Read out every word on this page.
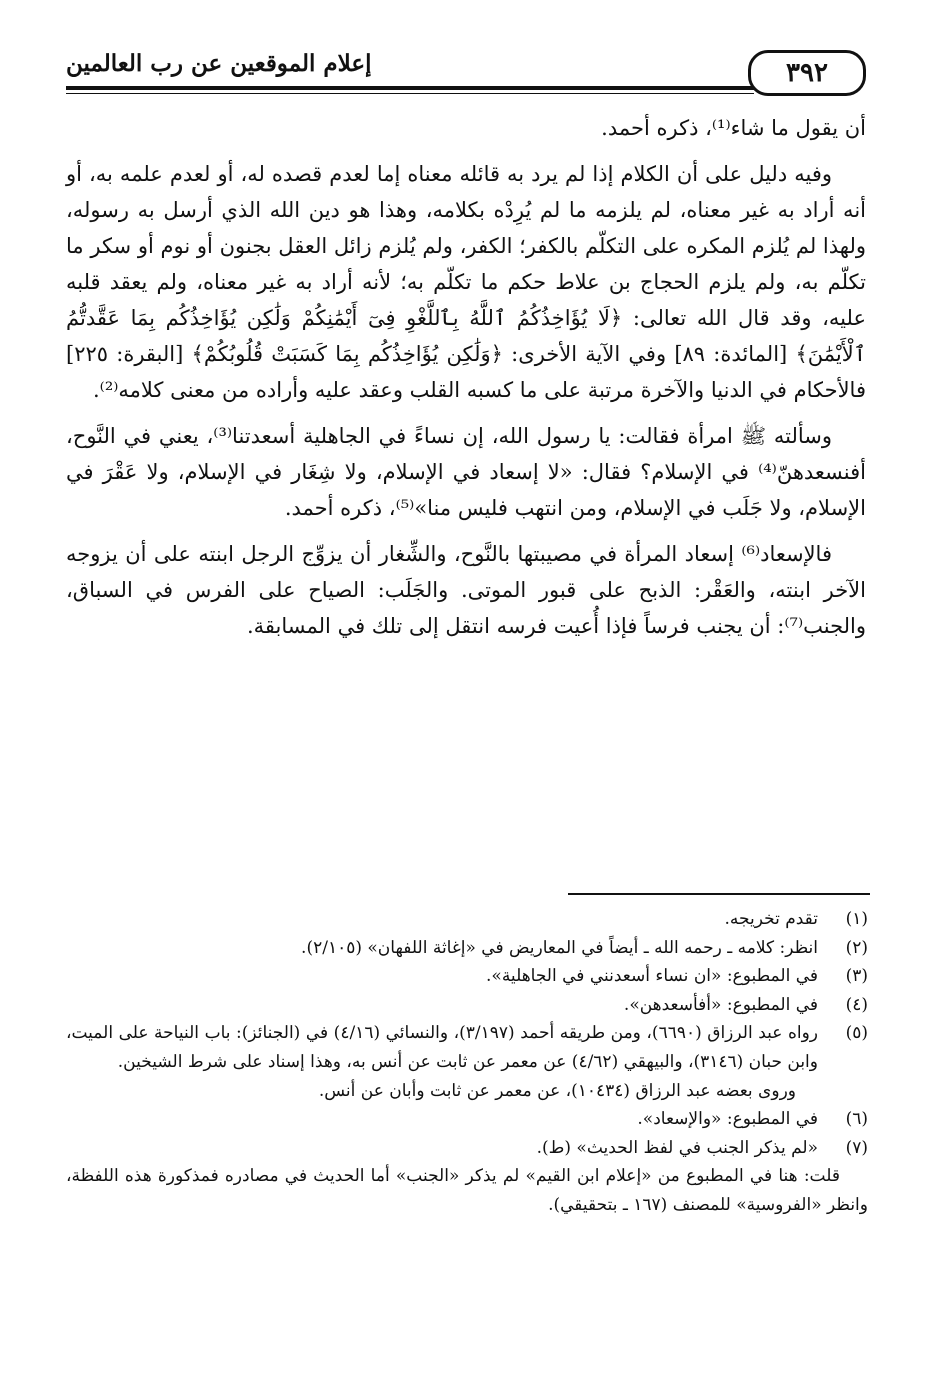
٣٩٢
إعلام الموقعين عن رب العالمين

أن يقول ما شاء⁽¹⁾، ذكره أحمد.

وفيه دليل على أن الكلام إذا لم يرد به قائله معناه إما لعدم قصده له، أو لعدم علمه به، أو أنه أراد به غير معناه، لم يلزمه ما لم يُرِدْه بكلامه، وهذا هو دين الله الذي أرسل به رسوله، ولهذا لم يُلزم المكره على التكلّم بالكفر؛ الكفر، ولم يُلزم زائل العقل بجنون أو نوم أو سكر ما تكلّم به، ولم يلزم الحجاج بن علاط حكم ما تكلّم به؛ لأنه أراد به غير معناه، ولم يعقد قلبه عليه، وقد قال الله تعالى: ﴿لَا يُؤَاخِذُكُمُ ٱللَّهُ بِٱللَّغْوِ فِىٓ أَيْمَٰنِكُمْ وَلَٰكِن يُؤَاخِذُكُم بِمَا عَقَّدتُّمُ ٱلْأَيْمَٰنَ﴾ [المائدة: ٨٩] وفي الآية الأخرى: ﴿وَلَٰكِن يُؤَاخِذُكُم بِمَا كَسَبَتْ قُلُوبُكُمْ﴾ [البقرة: ٢٢٥] فالأحكام في الدنيا والآخرة مرتبة على ما كسبه القلب وعقد عليه وأراده من معنى كلامه⁽²⁾.

وسألته ﷺ امرأة فقالت: يا رسول الله، إن نساءً في الجاهلية أسعدتنا⁽³⁾، يعني في النَّوح، أفنسعدهنّ⁽⁴⁾ في الإسلام؟ فقال: «لا إسعاد في الإسلام، ولا شِغَار في الإسلام، ولا عَقْرَ في الإسلام، ولا جَلَب في الإسلام، ومن انتهب فليس منا»⁽⁵⁾، ذكره أحمد.

فالإسعاد⁽⁶⁾ إسعاد المرأة في مصيبتها بالنَّوح، والشِّغار أن يزوِّج الرجل ابنته على أن يزوجه الآخر ابنته، والعَقْر: الذبح على قبور الموتى. والجَلَب: الصياح على الفرس في السباق، والجنب⁽⁷⁾: أن يجنب فرساً فإذا أُعيت فرسه انتقل إلى تلك في المسابقة.

(١)
تقدم تخريجه.
(٢)
انظر: كلامه ـ رحمه الله ـ أيضاً في المعاريض في «إغاثة اللفهان» (٢/١٠٥).
(٣)
في المطبوع: «ان نساء أسعدنني في الجاهلية».
(٤)
في المطبوع: «أفأسعدهن».
(٥)
رواه عبد الرزاق (٦٦٩٠)، ومن طريقه أحمد (٣/١٩٧)، والنسائي (٤/١٦) في (الجنائز): باب النياحة على الميت، وابن حبان (٣١٤٦)، والبيهقي (٤/٦٢) عن معمر عن ثابت عن أنس به، وهذا إسناد على شرط الشيخين.
وروى بعضه عبد الرزاق (١٠٤٣٤)، عن معمر عن ثابت وأبان عن أنس.
(٦)
في المطبوع: «والإسعاد».
(٧)
«لم يذكر الجنب في لفظ الحديث» (ط).
قلت: هنا في المطبوع من «إعلام ابن القيم» لم يذكر «الجنب» أما الحديث في مصادره فمذكورة هذه اللفظة، وانظر «الفروسية» للمصنف (١٦٧ ـ بتحقيقي).
